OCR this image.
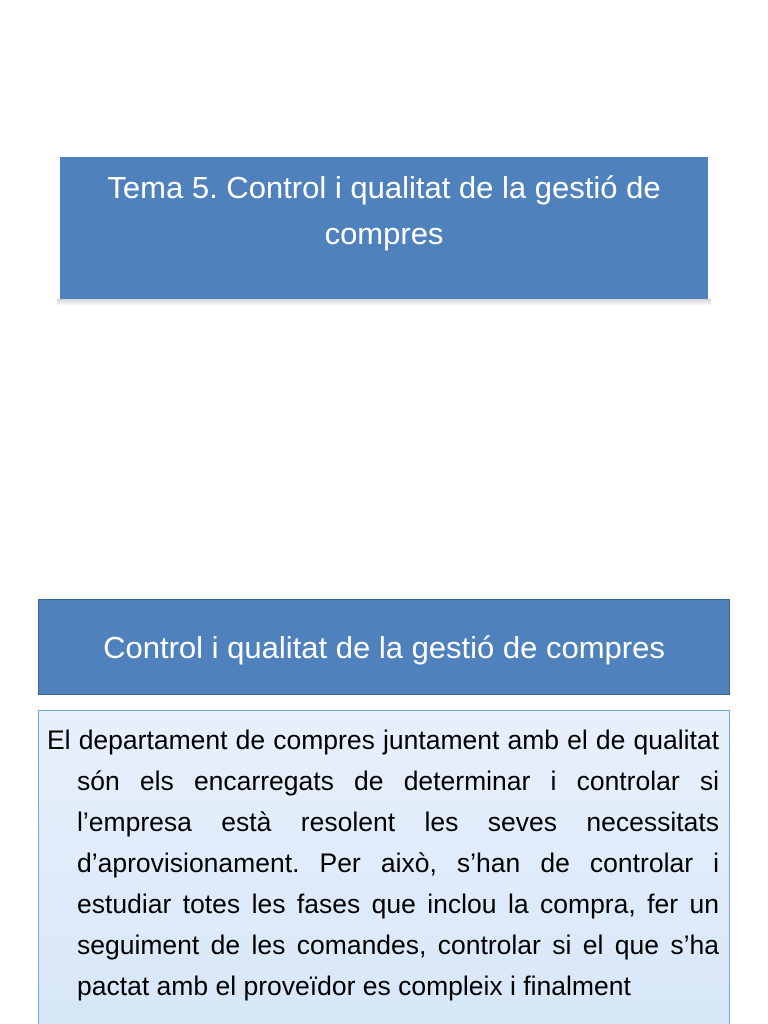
Tema 5. Control i qualitat de la gestió de compres
Control i qualitat de la gestió de compres

El departament de compres juntament amb el de qualitat són els encarregats de determinar i controlar si l’empresa està resolent les seves necessitats d’aprovisionament. Per això, s’han de controlar i estudiar totes les fases que inclou la compra, fer un seguiment de les comandes, controlar si el que s’ha pactat amb el proveïdor es compleix i finalment
